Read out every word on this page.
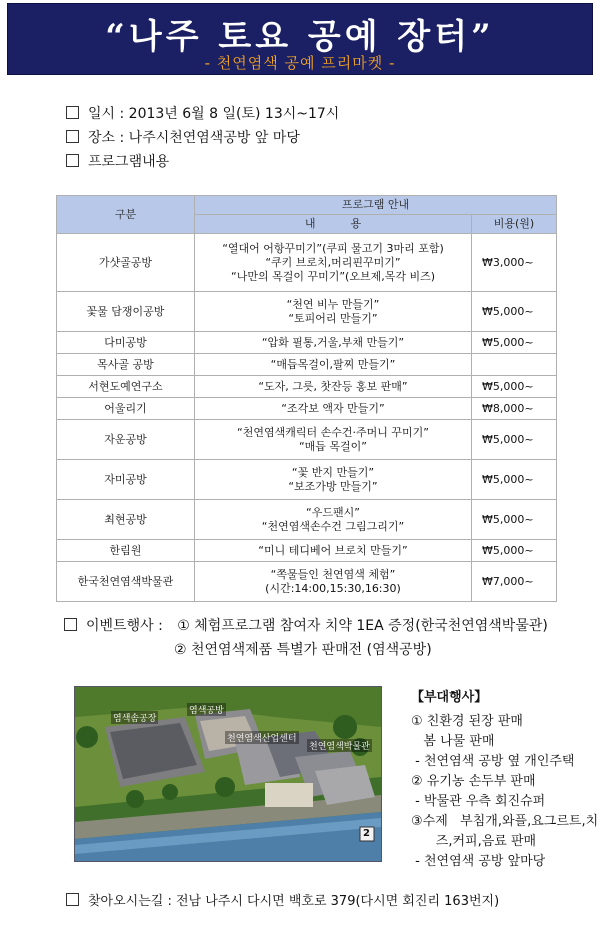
“나주 토요 공예 장터”
- 천연염색 공예 프리마켓 -
일시 : 2013년 6월 8 일(토) 13시~17시
장소 : 나주시천연염색공방 앞 마당
프로그램내용
구분	프로그램 안내	
	내          용	비용(원)
가샷골공방	“열대어 어항꾸미기”(쿠피 물고기 3마리 포함)
“쿠키 브로치,머리핀꾸미기”
“나만의 목걸이 꾸미기”(오브제,목각 비즈)	₩3,000~
꽃물 담쟁이공방	“천연 비누 만들기”
“토피어리 만들기”	₩5,000~
다미공방	“압화 필통,거울,부채 만들기”	₩5,000~
목사골 공방	“매듭목걸이,팔찌 만들기”	

서현도예연구소	“도자, 그릇, 찻잔등 홍보 판매”	₩5,000~
어울리기	“조각보 액자 만들기”	₩8,000~
자운공방	“천연염색캐릭터 손수건·주머니 꾸미기”
“매듭 목걸이”	₩5,000~
자미공방	“꽃 반지 만들기”
“보조가방 만들기”	₩5,000~
최현공방	“우드팬시”
“천연염색손수건 그림그리기”	₩5,000~
한림원	“미니 테디베어 브로치 만들기”	₩5,000~
한국천연염색박물관	“쪽물들인 천연염색 체험”
(시간:14:00,15:30,16:30)	₩7,000~
이벤트행사 : ① 체험프로그램 참여자 치약 1EA 증정(한국천연염색박물관)
② 천연염색제품 특별가 판매전 (염색공방)
염색솜공장
염색공방
천연염색산업센터
천연염색박물관
2
【부대행사】
① 친환경 된장 판매
봄 나물 판매
- 천연염색 공방 옆 개인주택
② 유기농 손두부 판매
- 박물관 우측 회진슈퍼
③수제   부침개,와플,요그르트,치
즈,커피,음료 판매
- 천연염색 공방 앞마당
찾아오시는길 : 전남 나주시 다시면 백호로 379(다시면 회진리 163번지)
